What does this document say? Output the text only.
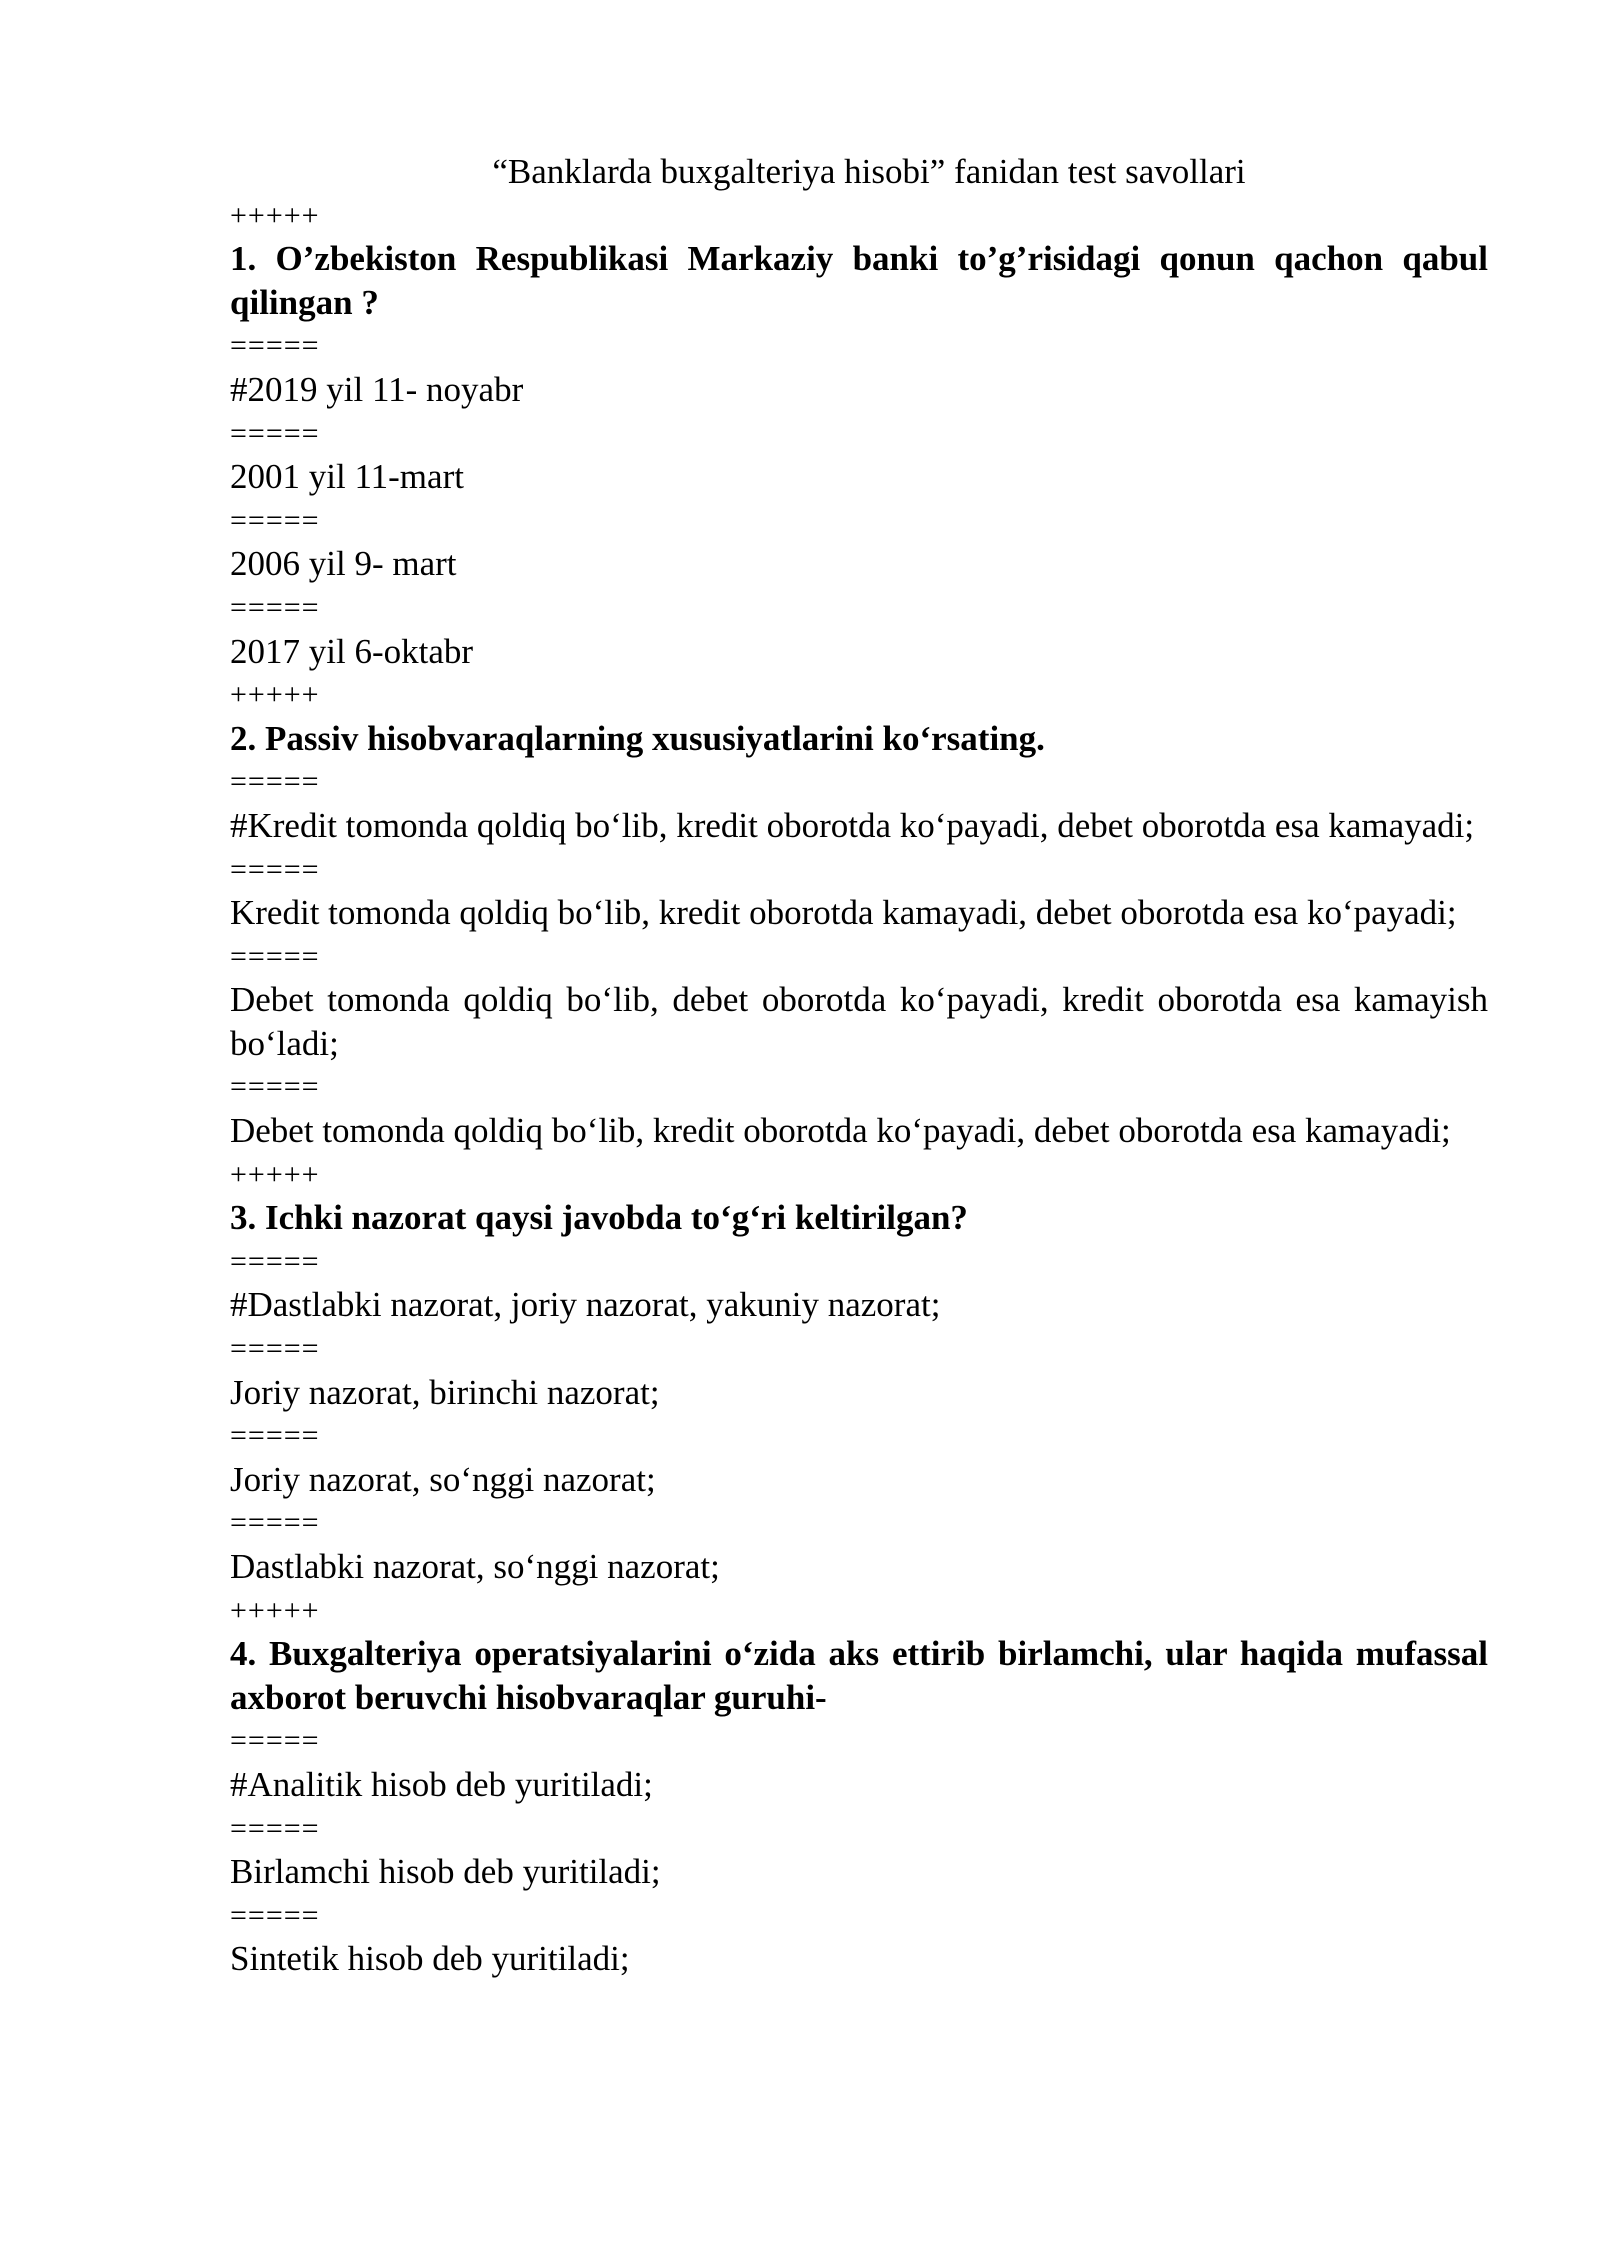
“Banklarda buxgalteriya hisobi” fanidan test savollari

+++++

1. O’zbekiston Respublikasi Markaziy banki to’g’risidagi qonun qachon qabul qilingan ?

=====

#2019 yil 11- noyabr

=====

2001 yil 11-mart

=====

2006 yil 9- mart

=====

2017 yil 6-oktabr

+++++

2. Passiv hisobvaraqlarning xususiyatlarini ko‘rsating.

=====

#Kredit tomonda qoldiq bo‘lib, kredit oborotda ko‘payadi, debet oborotda esa kamayadi;

=====

Kredit tomonda qoldiq bo‘lib, kredit oborotda kamayadi, debet oborotda esa ko‘payadi;

=====

Debet tomonda qoldiq bo‘lib, debet oborotda ko‘payadi, kredit oborotda esa kamayish bo‘ladi;

=====

Debet tomonda qoldiq bo‘lib, kredit oborotda ko‘payadi, debet oborotda esa kamayadi;

+++++

3. Ichki nazorat qaysi javobda to‘g‘ri keltirilgan?

=====

#Dastlabki nazorat, joriy nazorat, yakuniy nazorat;

=====

Joriy nazorat, birinchi nazorat;

=====

Joriy nazorat, so‘nggi nazorat;

=====

Dastlabki nazorat, so‘nggi nazorat;

+++++

4. Buxgalteriya operatsiyalarini o‘zida aks ettirib birlamchi, ular haqida mufassal axborot beruvchi hisobvaraqlar guruhi-

=====

#Analitik hisob deb yuritiladi;

=====

Birlamchi hisob deb yuritiladi;

=====

Sintetik hisob deb yuritiladi;
